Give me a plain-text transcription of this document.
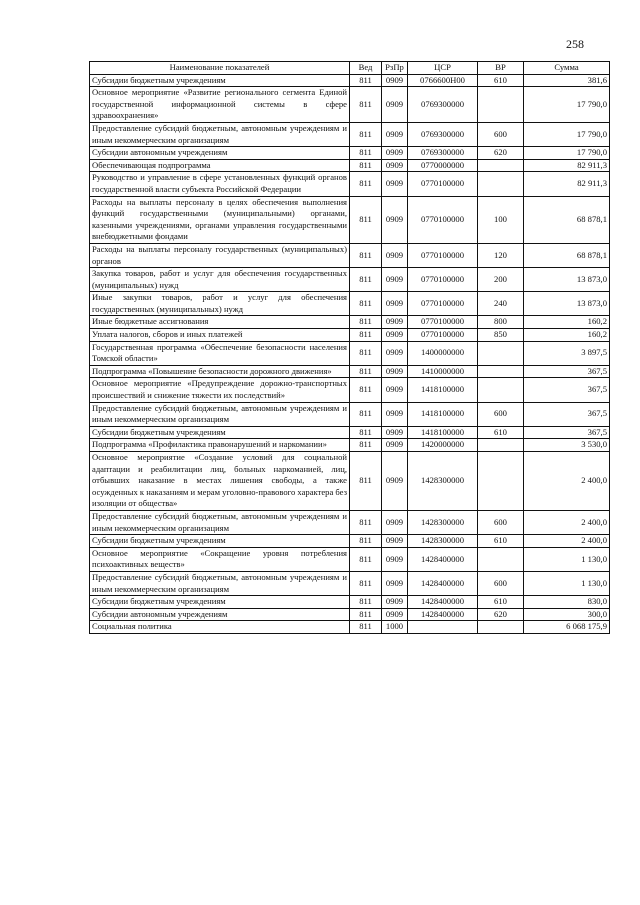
258
Наименование показателей	Вед	РзПр	ЦСР	ВР	Сумма
Субсидии бюджетным учреждениям	811	0909	0766600Н00	610	381,6
Основное мероприятие «Развитие регионального сегмента Единой государственной информационной системы в сфере здравоохранения»	811	0909	0769300000		17 790,0
Предоставление субсидий бюджетным, автономным учреждениям и иным некоммерческим организациям	811	0909	0769300000	600	17 790,0
Субсидии автономным учреждениям	811	0909	0769300000	620	17 790,0
Обеспечивающая подпрограмма	811	0909	0770000000		82 911,3
Руководство и управление в сфере установленных функций органов государственной власти субъекта Российской Федерации	811	0909	0770100000		82 911,3
Расходы на выплаты персоналу в целях обеспечения выполнения функций государственными (муниципальными) органами, казенными учреждениями, органами управления государственными внебюджетными фондами	811	0909	0770100000	100	68 878,1
Расходы на выплаты персоналу государственных (муниципальных) органов	811	0909	0770100000	120	68 878,1
Закупка товаров, работ и услуг для обеспечения государственных (муниципальных) нужд	811	0909	0770100000	200	13 873,0
Иные закупки товаров, работ и услуг для обеспечения государственных (муниципальных) нужд	811	0909	0770100000	240	13 873,0
Иные бюджетные ассигнования	811	0909	0770100000	800	160,2
Уплата налогов, сборов и иных платежей	811	0909	0770100000	850	160,2
Государственная программа «Обеспечение безопасности населения Томской области»	811	0909	1400000000		3 897,5
Подпрограмма «Повышение безопасности дорожного движения»	811	0909	1410000000		367,5
Основное мероприятие «Предупреждение дорожно-транспортных происшествий и снижение тяжести их последствий»	811	0909	1418100000		367,5
Предоставление субсидий бюджетным, автономным учреждениям и иным некоммерческим организациям	811	0909	1418100000	600	367,5
Субсидии бюджетным учреждениям	811	0909	1418100000	610	367,5
Подпрограмма «Профилактика правонарушений и наркомании»	811	0909	1420000000		3 530,0
Основное мероприятие «Создание условий для социальной адаптации и реабилитации лиц, больных наркоманией, лиц, отбывших наказание в местах лишения свободы, а также осужденных к наказаниям и мерам уголовно-правового характера без изоляции от общества»	811	0909	1428300000		2 400,0
Предоставление субсидий бюджетным, автономным учреждениям и иным некоммерческим организациям	811	0909	1428300000	600	2 400,0
Субсидии бюджетным учреждениям	811	0909	1428300000	610	2 400,0
Основное мероприятие «Сокращение уровня потребления психоактивных веществ»	811	0909	1428400000		1 130,0
Предоставление субсидий бюджетным, автономным учреждениям и иным некоммерческим организациям	811	0909	1428400000	600	1 130,0
Субсидии бюджетным учреждениям	811	0909	1428400000	610	830,0
Субсидии автономным учреждениям	811	0909	1428400000	620	300,0
Социальная политика	811	1000			6 068 175,9
